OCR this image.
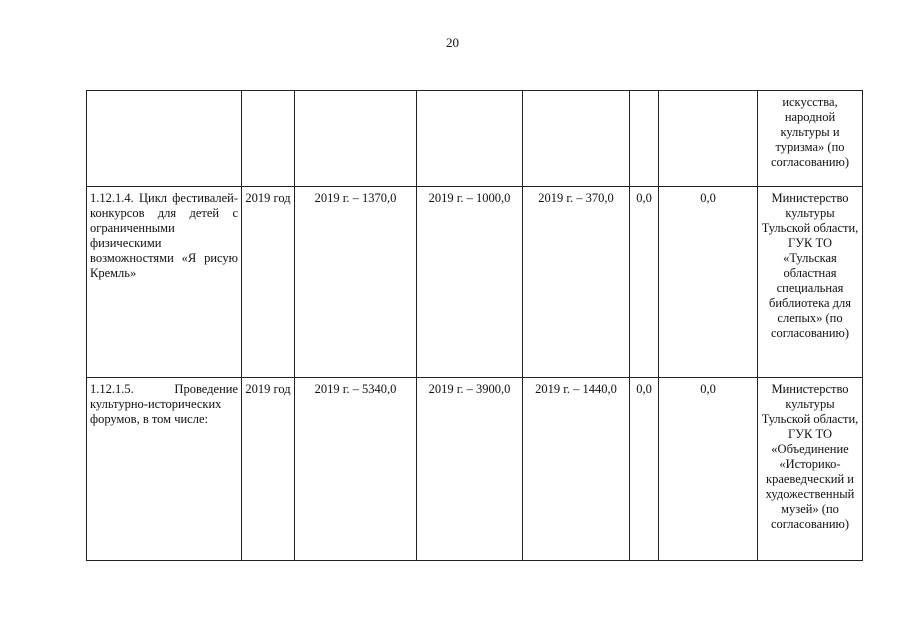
20
							искусства, народной культуры и туризма» (по согласованию)
1.12.1.4. Цикл фестивалей-конкурсов для детей с ограниченными физическими возможностями «Я рисую Кремль»	2019 год	2019 г. – 1370,0	2019 г. – 1000,0	2019 г. – 370,0	0,0	0,0	Министерство культуры Тульской области, ГУК ТО «Тульская областная специальная библиотека для слепых» (по согласованию)
1.12.1.5. Проведение культурно-исторических форумов, в том числе:	2019 год	2019 г. – 5340,0	2019 г. – 3900,0	2019 г. – 1440,0	0,0	0,0	Министерство культуры Тульской области, ГУК ТО «Объединение «Историко-краеведческий и художественный музей» (по согласованию)
